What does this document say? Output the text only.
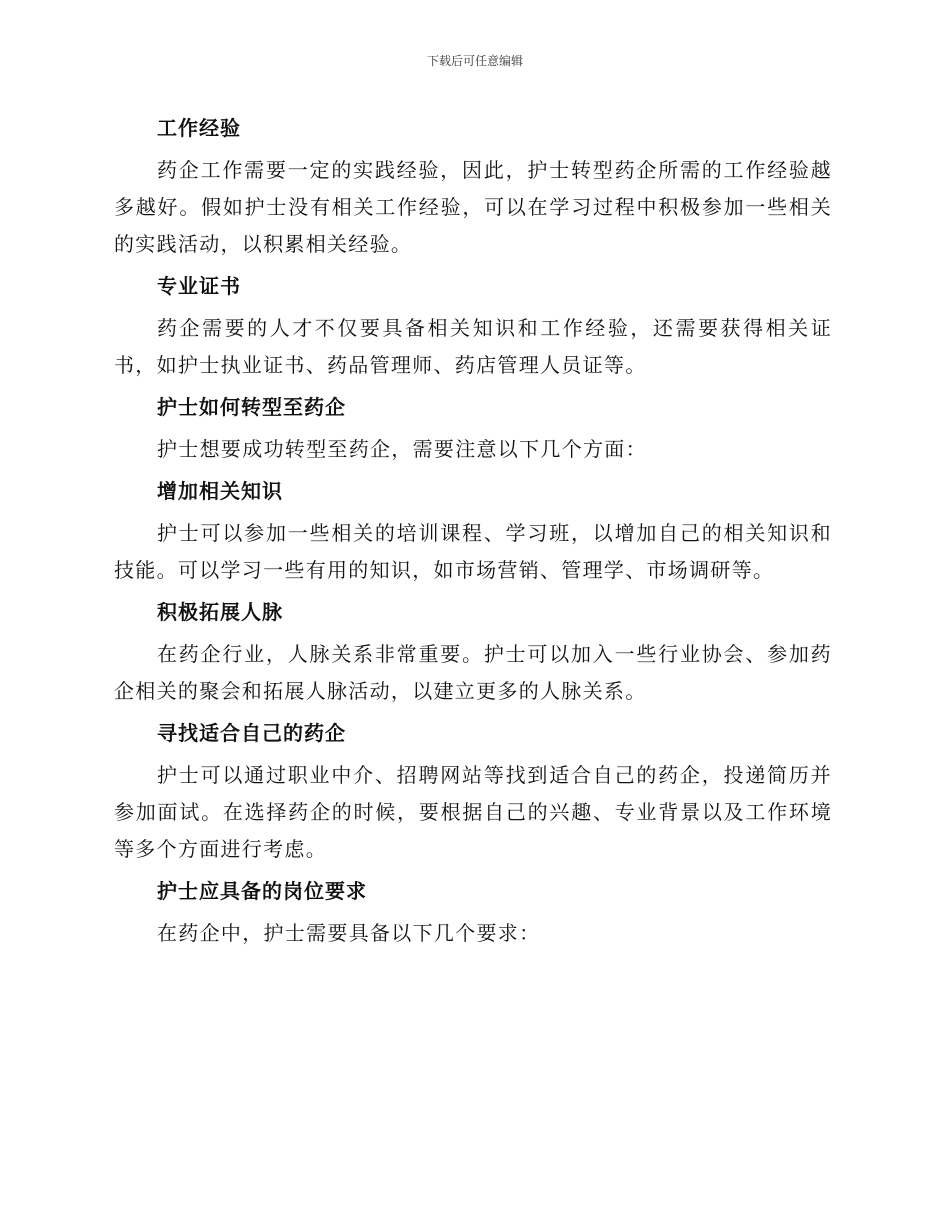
下载后可任意编辑

工作经验

药企工作需要一定的实践经验，因此，护士转型药企所需的工作经验越多越好。假如护士没有相关工作经验，可以在学习过程中积极参加一些相关的实践活动，以积累相关经验。

专业证书

药企需要的人才不仅要具备相关知识和工作经验，还需要获得相关证书，如护士执业证书、药品管理师、药店管理人员证等。

护士如何转型至药企

护士想要成功转型至药企，需要注意以下几个方面：

增加相关知识

护士可以参加一些相关的培训课程、学习班，以增加自己的相关知识和技能。可以学习一些有用的知识，如市场营销、管理学、市场调研等。

积极拓展人脉

在药企行业，人脉关系非常重要。护士可以加入一些行业协会、参加药企相关的聚会和拓展人脉活动，以建立更多的人脉关系。

寻找适合自己的药企

护士可以通过职业中介、招聘网站等找到适合自己的药企，投递简历并参加面试。在选择药企的时候，要根据自己的兴趣、专业背景以及工作环境等多个方面进行考虑。

护士应具备的岗位要求

在药企中，护士需要具备以下几个要求：
